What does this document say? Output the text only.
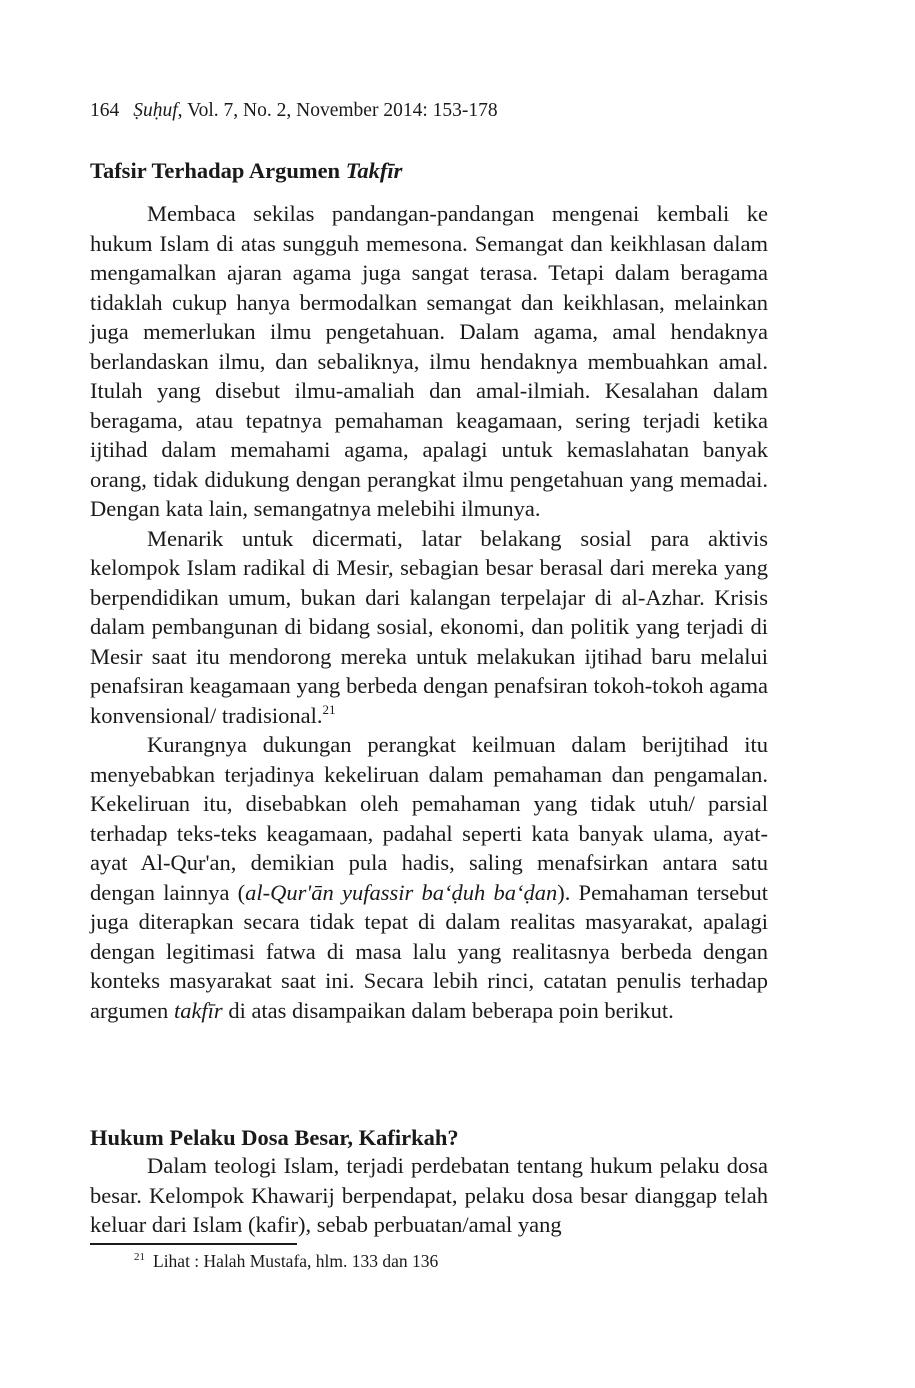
164 Ṣuḥuf, Vol. 7, No. 2, November 2014: 153-178
Tafsir Terhadap Argumen Takfīr

Membaca sekilas pandangan-pandangan mengenai kembali ke hukum Islam di atas sungguh memesona. Semangat dan keikhlasan dalam mengamalkan ajaran agama juga sangat terasa. Tetapi dalam beragama tidaklah cukup hanya bermodalkan semangat dan keikhlasan, melainkan juga memerlukan ilmu pengetahuan. Dalam agama, amal hendaknya berlandaskan ilmu, dan sebaliknya, ilmu hendaknya membuahkan amal. Itulah yang disebut ilmu-amaliah dan amal-ilmiah. Kesalahan dalam beragama, atau tepatnya pemahaman keagamaan, sering terjadi ketika ijtihad dalam memahami agama, apalagi untuk kemaslahatan banyak orang, tidak didukung dengan perangkat ilmu pengetahuan yang memadai. Dengan kata lain, semangatnya melebihi ilmunya.

Menarik untuk dicermati, latar belakang sosial para aktivis kelompok Islam radikal di Mesir, sebagian besar berasal dari mereka yang berpendidikan umum, bukan dari kalangan terpelajar di al-Azhar. Krisis dalam pembangunan di bidang sosial, ekonomi, dan politik yang terjadi di Mesir saat itu mendorong mereka untuk melakukan ijtihad baru melalui penafsiran keagamaan yang berbeda dengan penafsiran tokoh-tokoh agama konvensional/ tradisional.$^{21}$

Kurangnya dukungan perangkat keilmuan dalam berijtihad itu menyebabkan terjadinya kekeliruan dalam pemahaman dan pengamalan. Kekeliruan itu, disebabkan oleh pemahaman yang tidak utuh/ parsial terhadap teks-teks keagamaan, padahal seperti kata banyak ulama, ayat-ayat Al-Qur'an, demikian pula hadis, saling menafsirkan antara satu dengan lainnya (al-Qur'ān yufassir ba‘ḍuh ba‘ḍan). Pemahaman tersebut juga diterapkan secara tidak tepat di dalam realitas masyarakat, apalagi dengan legitimasi fatwa di masa lalu yang realitasnya berbeda dengan konteks masyarakat saat ini. Secara lebih rinci, catatan penulis terhadap argumen takfīr di atas disampaikan dalam beberapa poin berikut.

Hukum Pelaku Dosa Besar, Kafirkah?

Dalam teologi Islam, terjadi perdebatan tentang hukum pelaku dosa besar. Kelompok Khawarij berpendapat, pelaku dosa besar dianggap telah keluar dari Islam (kafir), sebab perbuatan/amal yang

$^{21}$ Lihat : Halah Mustafa, hlm. 133 dan 136
